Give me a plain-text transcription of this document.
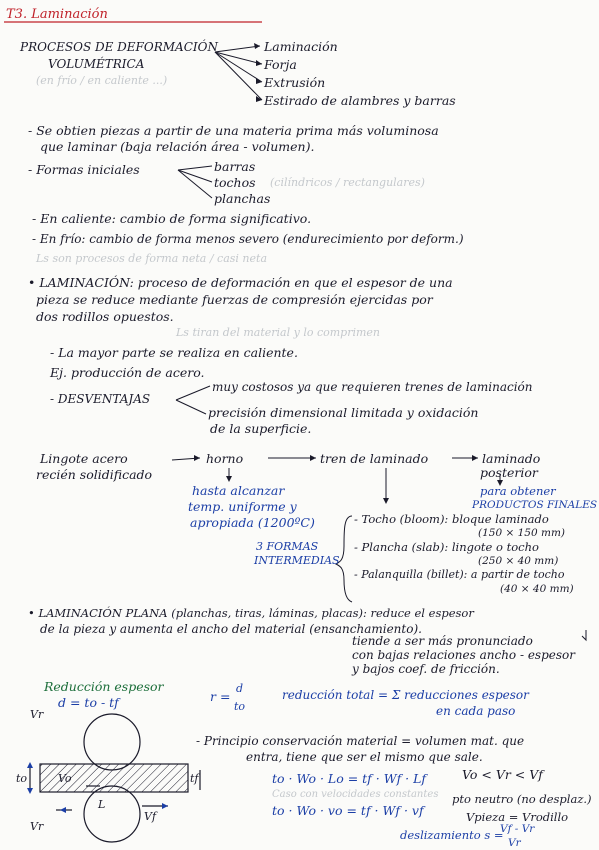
T3. Laminación
PROCESOS DE DEFORMACIÓN
VOLUMÉTRICA
(en frío / en caliente ...)
Laminación
Forja
Extrusión
Estirado de alambres y barras
- Se obtien piezas a partir de una materia prima más voluminosa
que laminar (baja relación área - volumen).
- Formas iniciales	barras
tochos (cilíndricos / rectangulares)
planchas
- En caliente: cambio de forma significativo.
- En frío: cambio de forma menos severo (endurecimiento por deform.)
Ls son procesos de forma neta / casi neta
• LAMINACIÓN: proceso de deformación en que el espesor de una
pieza se reduce mediante fuerzas de compresión ejercidas por
dos rodillos opuestos.
Ls tiran del material y lo comprimen
- La mayor parte se realiza en caliente.
Ej. producción de acero.
- DESVENTAJAS
muy costosos ya que requieren trenes de laminación
precisión dimensional limitada y oxidación
de la superficie.
Lingote acero
recién solidificado
horno
hasta alcanzar
temp. uniforme y
apropiada (1200ºC)
tren de laminado	laminado
posterior
para obtener
PRODUCTOS FINALES
3 FORMAS
INTERMEDIAS
- Tocho (bloom): bloque laminado
(150 × 150 mm)
- Plancha (slab): lingote o tocho
(250 × 40 mm)
- Palanquilla (billet): a partir de tocho
(40 × 40 mm)
• LAMINACIÓN PLANA (planchas, tiras, láminas, placas): reduce el espesor
de la pieza y aumenta el ancho del material (ensanchamiento).
tiende a ser más pronunciado
con bajas relaciones ancho - espesor
y bajos coef. de fricción.
Reducción espesor
d = to - tf	r =
d
to
reducción total = Σ reducciones espesor
en cada paso
- Principio conservación material = volumen mat. que
entra, tiene que ser el mismo que sale.
to · Wo · Lo = tf · Wf · Lf
Caso con velocidades constantes
to · Wo · vo = tf · Wf · vf
Vo < Vr < Vf
pto neutro (no desplaz.)
Vpieza = Vrodillo
deslizamiento s =
Vf - Vr
Vr
Vr
Vr
Vo
Vf
to	tf
L
